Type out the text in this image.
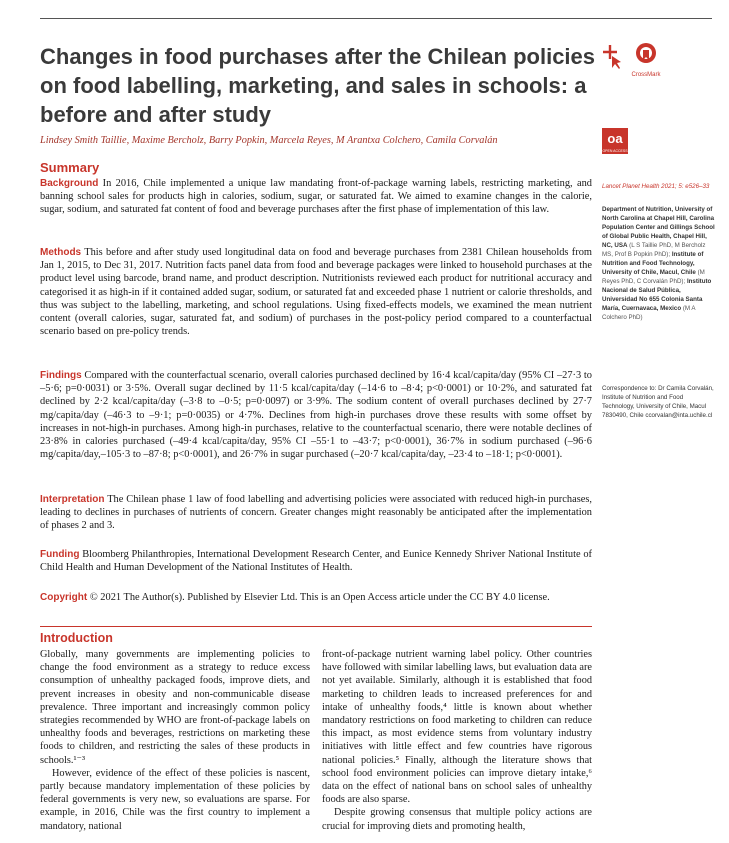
Changes in food purchases after the Chilean policies on food labelling, marketing, and sales in schools: a before and after study
CrossMark
Lindsey Smith Taillie, Maxime Bercholz, Barry Popkin, Marcela Reyes, M Arantxa Colchero, Camila Corvalán	oa
OPEN ACCESS
Summary

Background In 2016, Chile implemented a unique law mandating front-of-package warning labels, restricting marketing, and banning school sales for products high in calories, sodium, sugar, or saturated fat. We aimed to examine changes in the calorie, sugar, sodium, and saturated fat content of food and beverage purchases after the first phase of implementation of this law.

Methods This before and after study used longitudinal data on food and beverage purchases from 2381 Chilean households from Jan 1, 2015, to Dec 31, 2017. Nutrition facts panel data from food and beverage packages were linked to household purchases at the product level using barcode, brand name, and product description. Nutritionists reviewed each product for nutritional accuracy and categorised it as high-in if it contained added sugar, sodium, or saturated fat and exceeded phase 1 nutrient or calorie thresholds, and thus was subject to the labelling, marketing, and school regulations. Using fixed-effects models, we examined the mean nutrient content (overall calories, sugar, saturated fat, and sodium) of purchases in the post-policy period compared to a counterfactual scenario based on pre-policy trends.

Findings Compared with the counterfactual scenario, overall calories purchased declined by 16·4 kcal/capita/day (95% CI –27·3 to –5·6; p=0·0031) or 3·5%. Overall sugar declined by 11·5 kcal/capita/day (–14·6 to –8·4; p<0·0001) or 10·2%, and saturated fat declined by 2·2 kcal/capita/day (–3·8 to –0·5; p=0·0097) or 3·9%. The sodium content of overall purchases declined by 27·7 mg/capita/day (–46·3 to –9·1; p=0·0035) or 4·7%. Declines from high-in purchases drove these results with some offset by increases in not-high-in purchases. Among high-in purchases, relative to the counterfactual scenario, there were notable declines of 23·8% in calories purchased (–49·4 kcal/capita/day, 95% CI –55·1 to –43·7; p<0·0001), 36·7% in sodium purchased (–96·6 mg/capita/day,–105·3 to –87·8; p<0·0001), and 26·7% in sugar purchased (–20·7 kcal/capita/day, –23·4 to –18·1; p<0·0001).

Interpretation The Chilean phase 1 law of food labelling and advertising policies were associated with reduced high-in purchases, leading to declines in purchases of nutrients of concern. Greater changes might reasonably be anticipated after the implementation of phases 2 and 3.

Funding Bloomberg Philanthropies, International Development Research Center, and Eunice Kennedy Shriver National Institute of Child Health and Human Development of the National Institutes of Health.

Copyright © 2021 The Author(s). Published by Elsevier Ltd. This is an Open Access article under the CC BY 4.0 license.

Lancet Planet Health 2021; 5: e526–33
Department of Nutrition, University of North Carolina at Chapel Hill, Carolina Population Center and Gillings School of Global Public Health, Chapel Hill, NC, USA (L S Taillie PhD, M Bercholz MS, Prof B Popkin PhD); Institute of Nutrition and Food Technology, University of Chile, Macul, Chile (M Reyes PhD, C Corvalán PhD); Instituto Nacional de Salud Pública, Universidad No 655 Colonia Santa María, Cuernavaca, Mexico (M A Colchero PhD)
Correspondence to: Dr Camila Corvalán, Institute of Nutrition and Food Technology, University of Chile, Macul 7830490, Chile ccorvalan@inta.uchile.cl
Introduction

Globally, many governments are implementing policies to change the food environment as a strategy to reduce excess consumption of unhealthy packaged foods, improve diets, and prevent increases in obesity and non-communicable disease prevalence. Three important and increasingly common policy strategies recommended by WHO are front-of-package labels on unhealthy foods and beverages, restrictions on marketing these foods to children, and restricting the sales of these products in schools.¹⁻³

However, evidence of the effect of these policies is nascent, partly because mandatory implementation of these policies by federal governments is very new, so evaluations are sparse. For example, in 2016, Chile was the first country to implement a mandatory, national

front-of-package nutrient warning label policy. Other countries have followed with similar labelling laws, but evaluation data are not yet available. Similarly, although it is established that food marketing to children leads to increased preferences for and intake of unhealthy foods,⁴ little is known about whether mandatory restrictions on food marketing to children can reduce this impact, as most evidence stems from voluntary industry initiatives with little effect and few countries have rigorous national policies.⁵ Finally, although the literature shows that school food environment policies can improve dietary intake,⁶ data on the effect of national bans on school sales of unhealthy foods are also sparse.

Despite growing consensus that multiple policy actions are crucial for improving diets and promoting health,
